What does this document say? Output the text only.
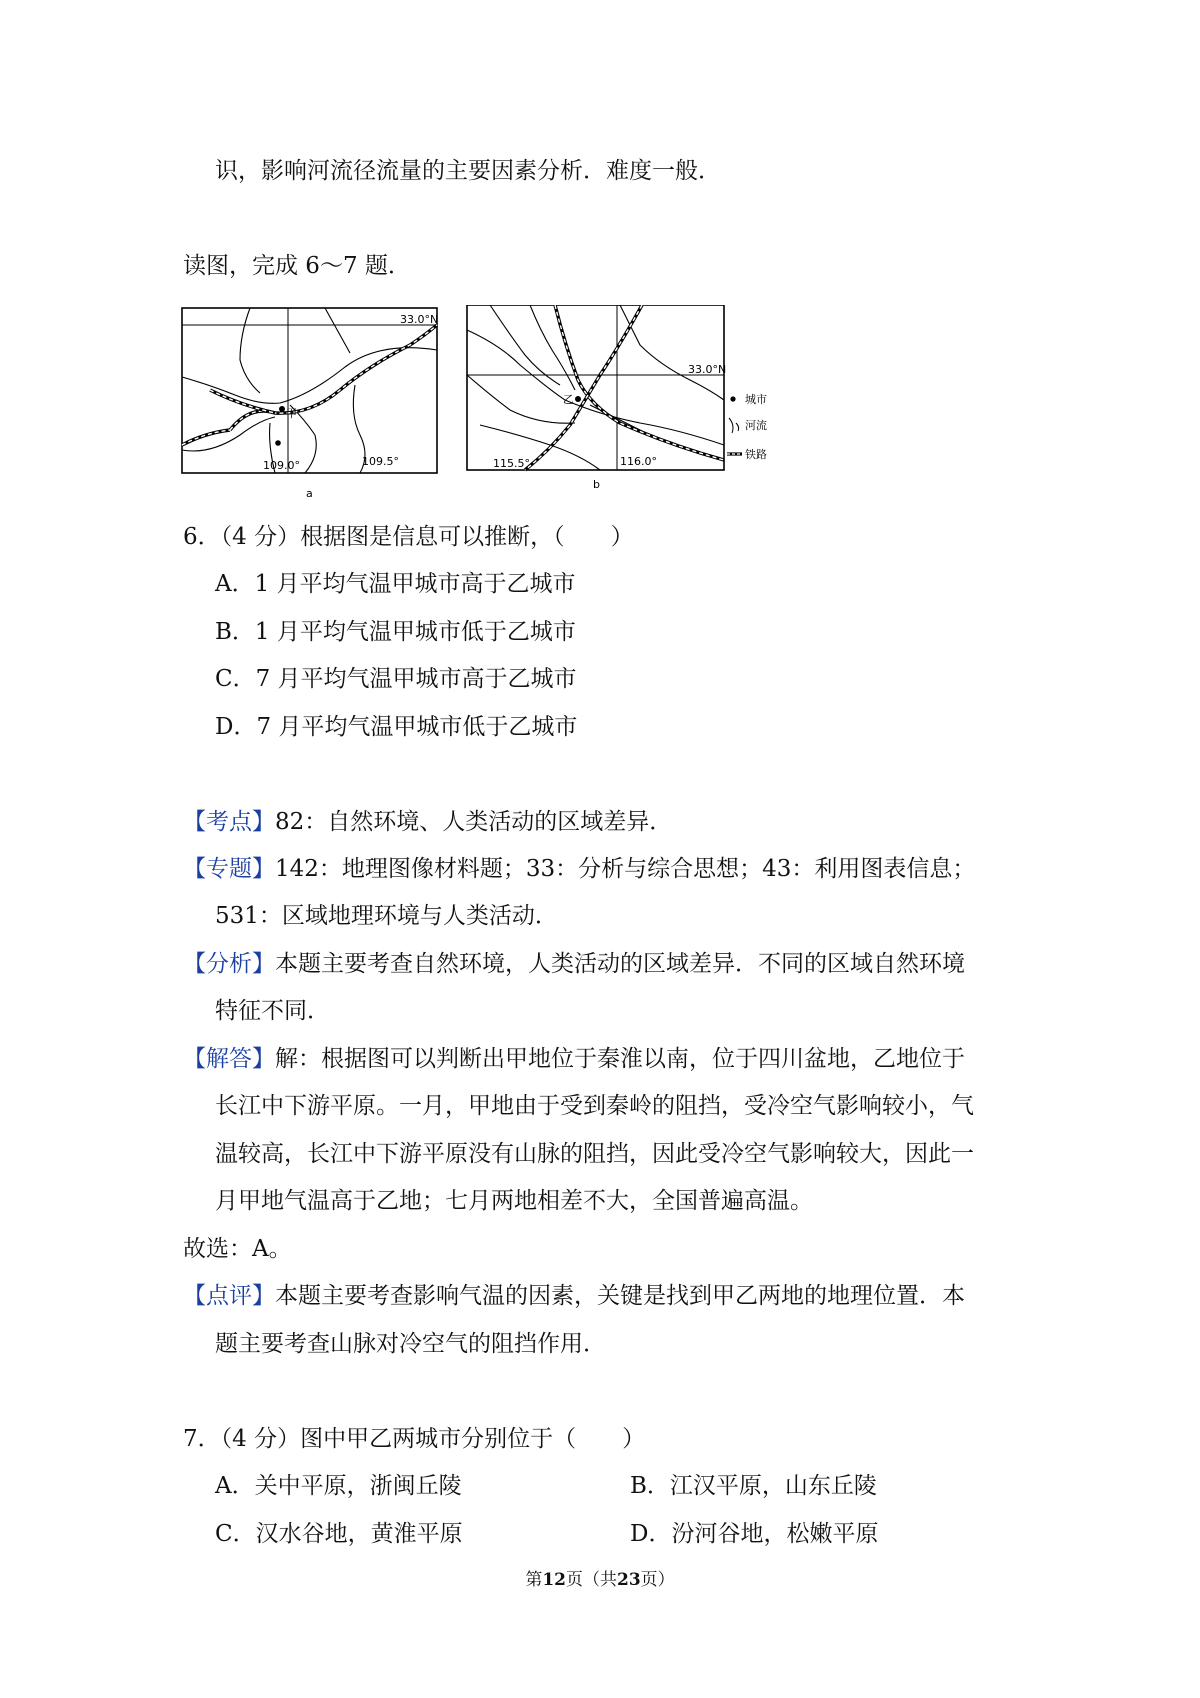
识，影响河流径流量的主要因素分析．难度一般．
读图，完成 6～7 题．
33.0°N
甲
109.0°	109.5°
a
33.0°N
乙
115.5°	116.0°
b
城市
河流
铁路
6．（4 分）根据图是信息可以推断，（　　）
A．1 月平均气温甲城市高于乙城市
B．1 月平均气温甲城市低于乙城市
C．7 月平均气温甲城市高于乙城市
D．7 月平均气温甲城市低于乙城市
【考点】82：自然环境、人类活动的区域差异．
【专题】142：地理图像材料题；33：分析与综合思想；43：利用图表信息；
531：区域地理环境与人类活动．
【分析】本题主要考查自然环境，人类活动的区域差异．不同的区域自然环境
特征不同．
【解答】解：根据图可以判断出甲地位于秦淮以南，位于四川盆地，乙地位于
长江中下游平原。一月，甲地由于受到秦岭的阻挡，受冷空气影响较小，气
温较高，长江中下游平原没有山脉的阻挡，因此受冷空气影响较大，因此一
月甲地气温高于乙地；七月两地相差不大，全国普遍高温。
故选：A。
【点评】本题主要考查影响气温的因素，关键是找到甲乙两地的地理位置．本
题主要考查山脉对冷空气的阻挡作用．
7．（4 分）图中甲乙两城市分别位于（　　）
A．关中平原，浙闽丘陵	B．江汉平原，山东丘陵
C．汉水谷地，黄淮平原	D．汾河谷地，松嫩平原
第12页（共23页）
